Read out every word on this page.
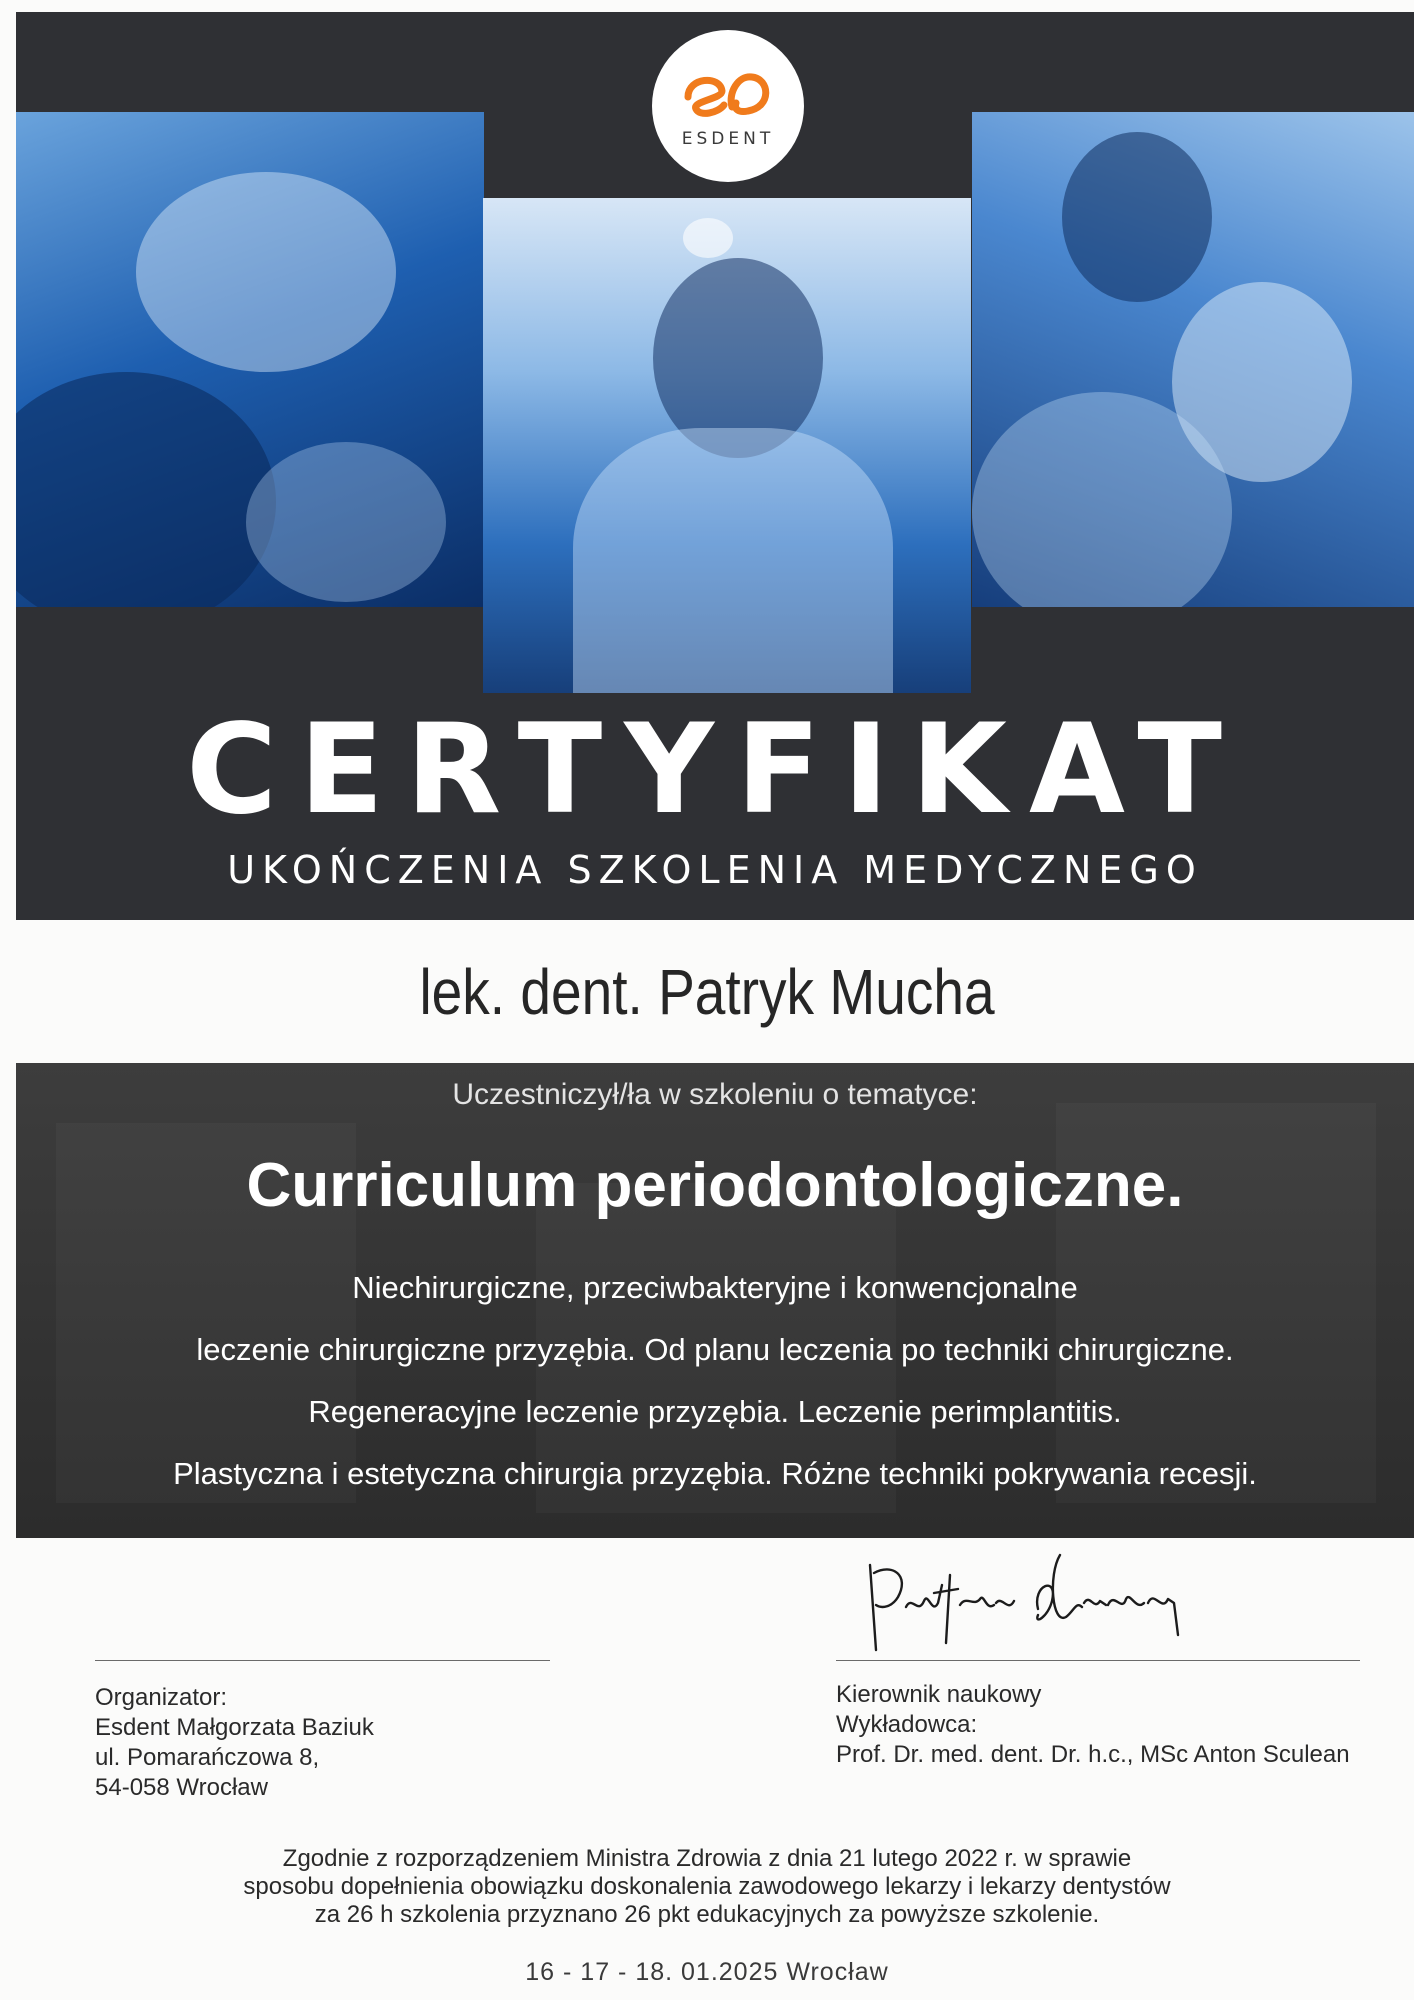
ESDENT
CERTYFIKAT
UKOŃCZENIA SZKOLENIA MEDYCZNEGO
lek. dent. Patryk Mucha
Uczestniczył/ła w szkoleniu o tematyce:
Curriculum periodontologiczne.
Niechirurgiczne, przeciwbakteryjne i konwencjonalne
leczenie chirurgiczne przyzębia. Od planu leczenia po techniki chirurgiczne.
Regeneracyjne leczenie przyzębia. Leczenie perimplantitis.
Plastyczna i estetyczna chirurgia przyzębia. Różne techniki pokrywania recesji.
Organizator:
Esdent Małgorzata Baziuk
ul. Pomarańczowa 8,
54-058 Wrocław
Kierownik naukowy
Wykładowca:
Prof. Dr. med. dent. Dr. h.c., MSc Anton Sculean
Zgodnie z rozporządzeniem Ministra Zdrowia z dnia 21 lutego 2022 r. w sprawie
sposobu dopełnienia obowiązku doskonalenia zawodowego lekarzy i lekarzy dentystów
za 26 h szkolenia przyznano 26 pkt edukacyjnych za powyższe szkolenie.
16 - 17 - 18. 01.2025 Wrocław
